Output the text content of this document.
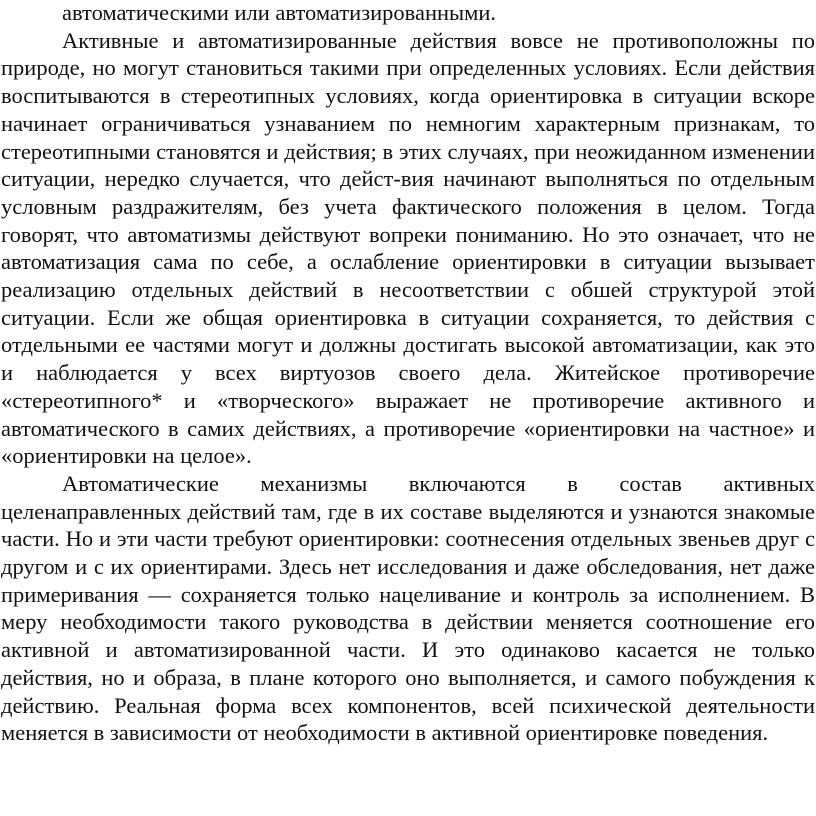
автоматическими или автоматизированными.

Активные и автоматизированные действия вовсе не противоположны по природе, но могут становиться такими при определенных условиях. Если действия воспитываются в стереотипных условиях, когда ориентировка в ситуации вскоре начинает ограничиваться узнаванием по немногим характерным признакам, то стереотипными становятся и действия; в этих случаях, при неожиданном изменении ситуации, нередко случается, что дейст-вия начинают выполняться по отдельным условным раздражителям, без учета фактического положения в целом. Тогда говорят, что автоматизмы действуют вопреки пониманию. Но это означает, что не автоматизация сама по себе, а ослабление ориентировки в ситуации вызывает реализацию отдельных действий в несоответствии с обшей структурой этой ситуации. Если же общая ориентировка в ситуации сохраняется, то действия с отдельными ее частями могут и должны достигать высокой автоматизации, как это и наблюдается у всех виртуозов своего дела. Житейское противоречие «стереотипного* и «творческого» выражает не противоречие активного и автоматического в самих действиях, а противоречие «ориентировки на частное» и «ориентировки на целое».

Автоматические механизмы включаются в состав активных целенаправленных действий там, где в их составе выделяются и узнаются знакомые части. Но и эти части требуют ориентировки: соотнесения отдельных звеньев друг с другом и с их ориентирами. Здесь нет исследования и даже обследования, нет даже примеривания — сохраняется только нацеливание и контроль за исполнением. В меру необходимости такого руководства в действии меняется соотношение его активной и автоматизированной части. И это одинаково касается не только действия, но и образа, в плане которого оно выполняется, и самого побуждения к действию. Реальная форма всех компонентов, всей психической деятельности меняется в зависимости от необходимости в активной ориентировке поведения.
